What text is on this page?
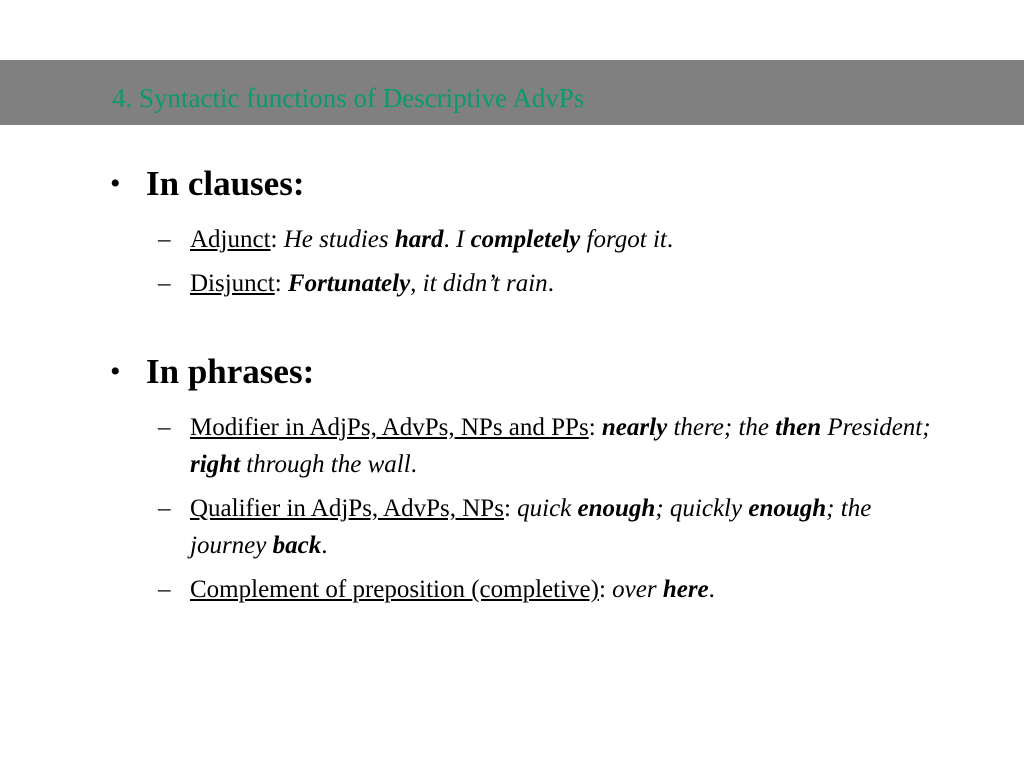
4. Syntactic functions of Descriptive AdvPs
• In clauses:
– Adjunct: He studies hard. I completely forgot it.
– Disjunct: Fortunately, it didn’t rain.
• In phrases:
– Modifier in AdjPs, AdvPs, NPs and PPs: nearly there; the then President; right through the wall.
– Qualifier in AdjPs, AdvPs, NPs: quick enough; quickly enough; the journey back.
– Complement of preposition (completive): over here.
